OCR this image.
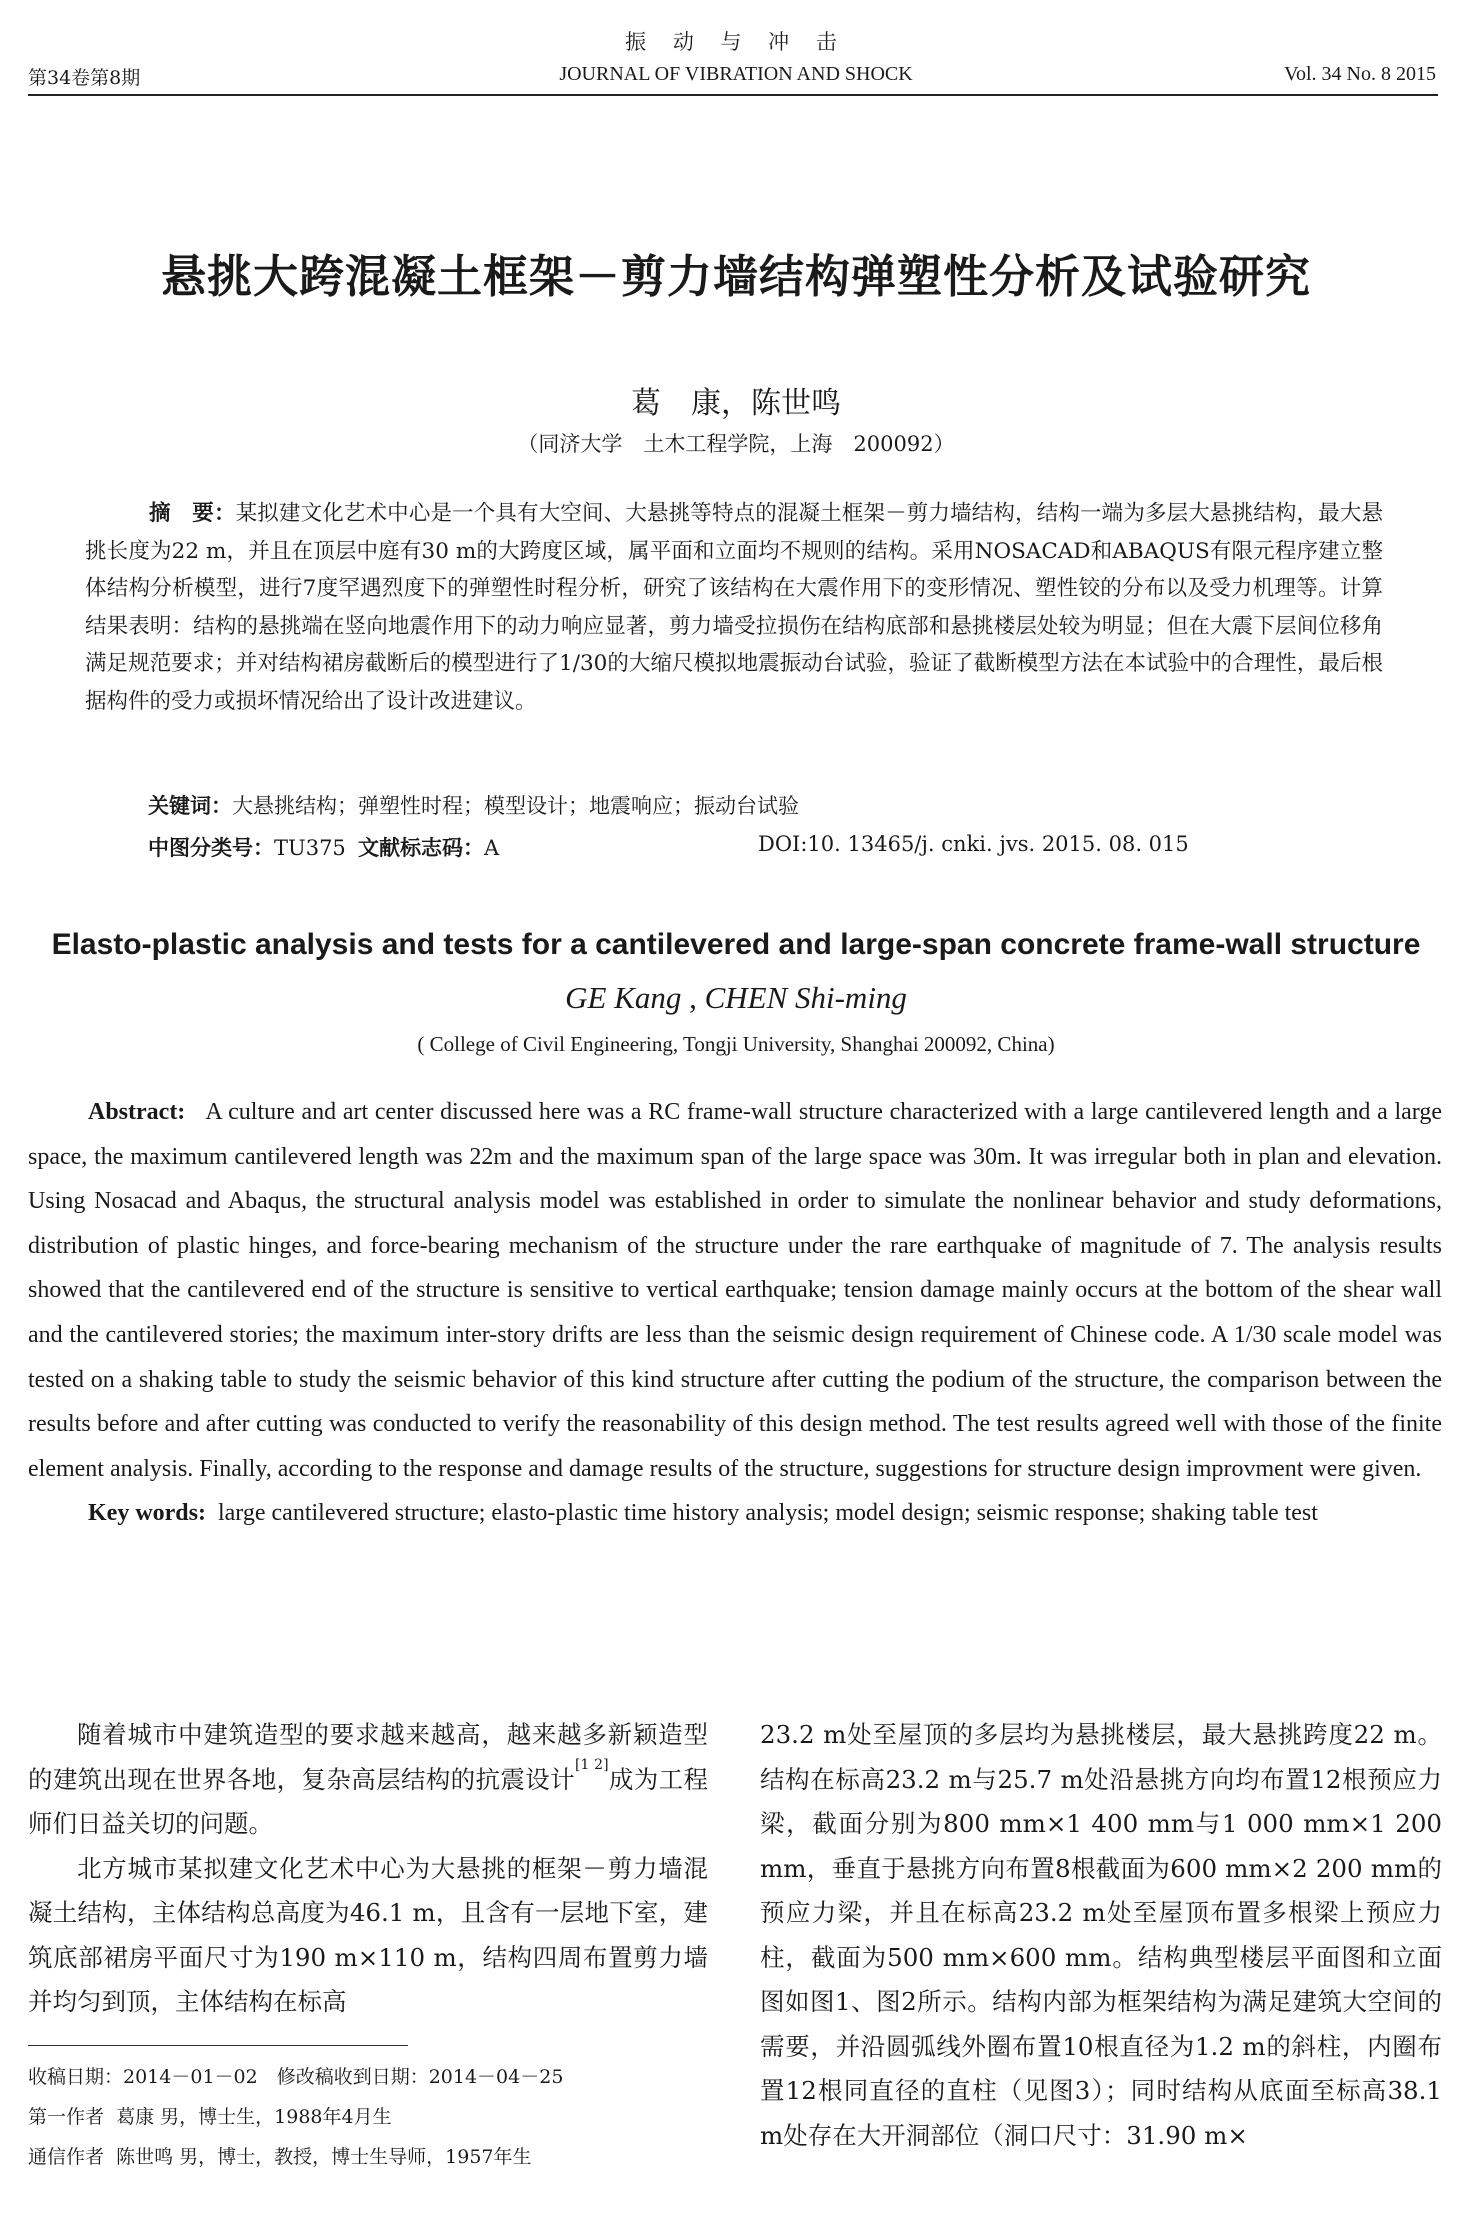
振 动 与 冲 击
第34卷第8期	JOURNAL OF VIBRATION AND SHOCK	Vol. 34 No. 8 2015
悬挑大跨混凝土框架－剪力墙结构弹塑性分析及试验研究
葛　康，陈世鸣
（同济大学　土木工程学院，上海　200092）

摘　要：某拟建文化艺术中心是一个具有大空间、大悬挑等特点的混凝土框架－剪力墙结构，结构一端为多层大悬挑结构，最大悬挑长度为22 m，并且在顶层中庭有30 m的大跨度区域，属平面和立面均不规则的结构。采用NOSACAD和ABAQUS有限元程序建立整体结构分析模型，进行7度罕遇烈度下的弹塑性时程分析，研究了该结构在大震作用下的变形情况、塑性铰的分布以及受力机理等。计算结果表明：结构的悬挑端在竖向地震作用下的动力响应显著，剪力墙受拉损伤在结构底部和悬挑楼层处较为明显；但在大震下层间位移角满足规范要求；并对结构裙房截断后的模型进行了1/30的大缩尺模拟地震振动台试验，验证了截断模型方法在本试验中的合理性，最后根据构件的受力或损坏情况给出了设计改进建议。

关键词：大悬挑结构；弹塑性时程；模型设计；地震响应；振动台试验
中图分类号：TU375 文献标志码：A	DOI:10. 13465/j. cnki. jvs. 2015. 08. 015
Elasto-plastic analysis and tests for a cantilevered and large-span concrete frame-wall structure
GE Kang , CHEN Shi-ming
( College of Civil Engineering, Tongji University, Shanghai 200092, China)

Abstract: A culture and art center discussed here was a RC frame-wall structure characterized with a large cantilevered length and a large space, the maximum cantilevered length was 22m and the maximum span of the large space was 30m. It was irregular both in plan and elevation. Using Nosacad and Abaqus, the structural analysis model was established in order to simulate the nonlinear behavior and study deformations, distribution of plastic hinges, and force-bearing mechanism of the structure under the rare earthquake of magnitude of 7. The analysis results showed that the cantilevered end of the structure is sensitive to vertical earthquake; tension damage mainly occurs at the bottom of the shear wall and the cantilevered stories; the maximum inter-story drifts are less than the seismic design requirement of Chinese code. A 1/30 scale model was tested on a shaking table to study the seismic behavior of this kind structure after cutting the podium of the structure, the comparison between the results before and after cutting was conducted to verify the reasonability of this design method. The test results agreed well with those of the finite element analysis. Finally, according to the response and damage results of the structure, suggestions for structure design improvment were given.

Key words: large cantilevered structure; elasto-plastic time history analysis; model design; seismic response; shaking table test

随着城市中建筑造型的要求越来越高，越来越多新颖造型的建筑出现在世界各地，复杂高层结构的抗震设计[1 2]成为工程师们日益关切的问题。

北方城市某拟建文化艺术中心为大悬挑的框架－剪力墙混凝土结构，主体结构总高度为46.1 m，且含有一层地下室，建筑底部裙房平面尺寸为190 m×110 m，结构四周布置剪力墙并均匀到顶，主体结构在标高

23.2 m处至屋顶的多层均为悬挑楼层，最大悬挑跨度22 m。结构在标高23.2 m与25.7 m处沿悬挑方向均布置12根预应力梁，截面分别为800 mm×1 400 mm与1 000 mm×1 200 mm，垂直于悬挑方向布置8根截面为600 mm×2 200 mm的预应力梁，并且在标高23.2 m处至屋顶布置多根梁上预应力柱，截面为500 mm×600 mm。结构典型楼层平面图和立面图如图1、图2所示。结构内部为框架结构为满足建筑大空间的需要，并沿圆弧线外圈布置10根直径为1.2 m的斜柱，内圈布置12根同直径的直柱（见图3）；同时结构从底面至标高38.1 m处存在大开洞部位（洞口尺寸：31.90 m×

收稿日期：2014－01－02　修改稿收到日期：2014－04－25
第一作者 葛康 男，博士生，1988年4月生
通信作者 陈世鸣 男，博士，教授，博士生导师，1957年生
